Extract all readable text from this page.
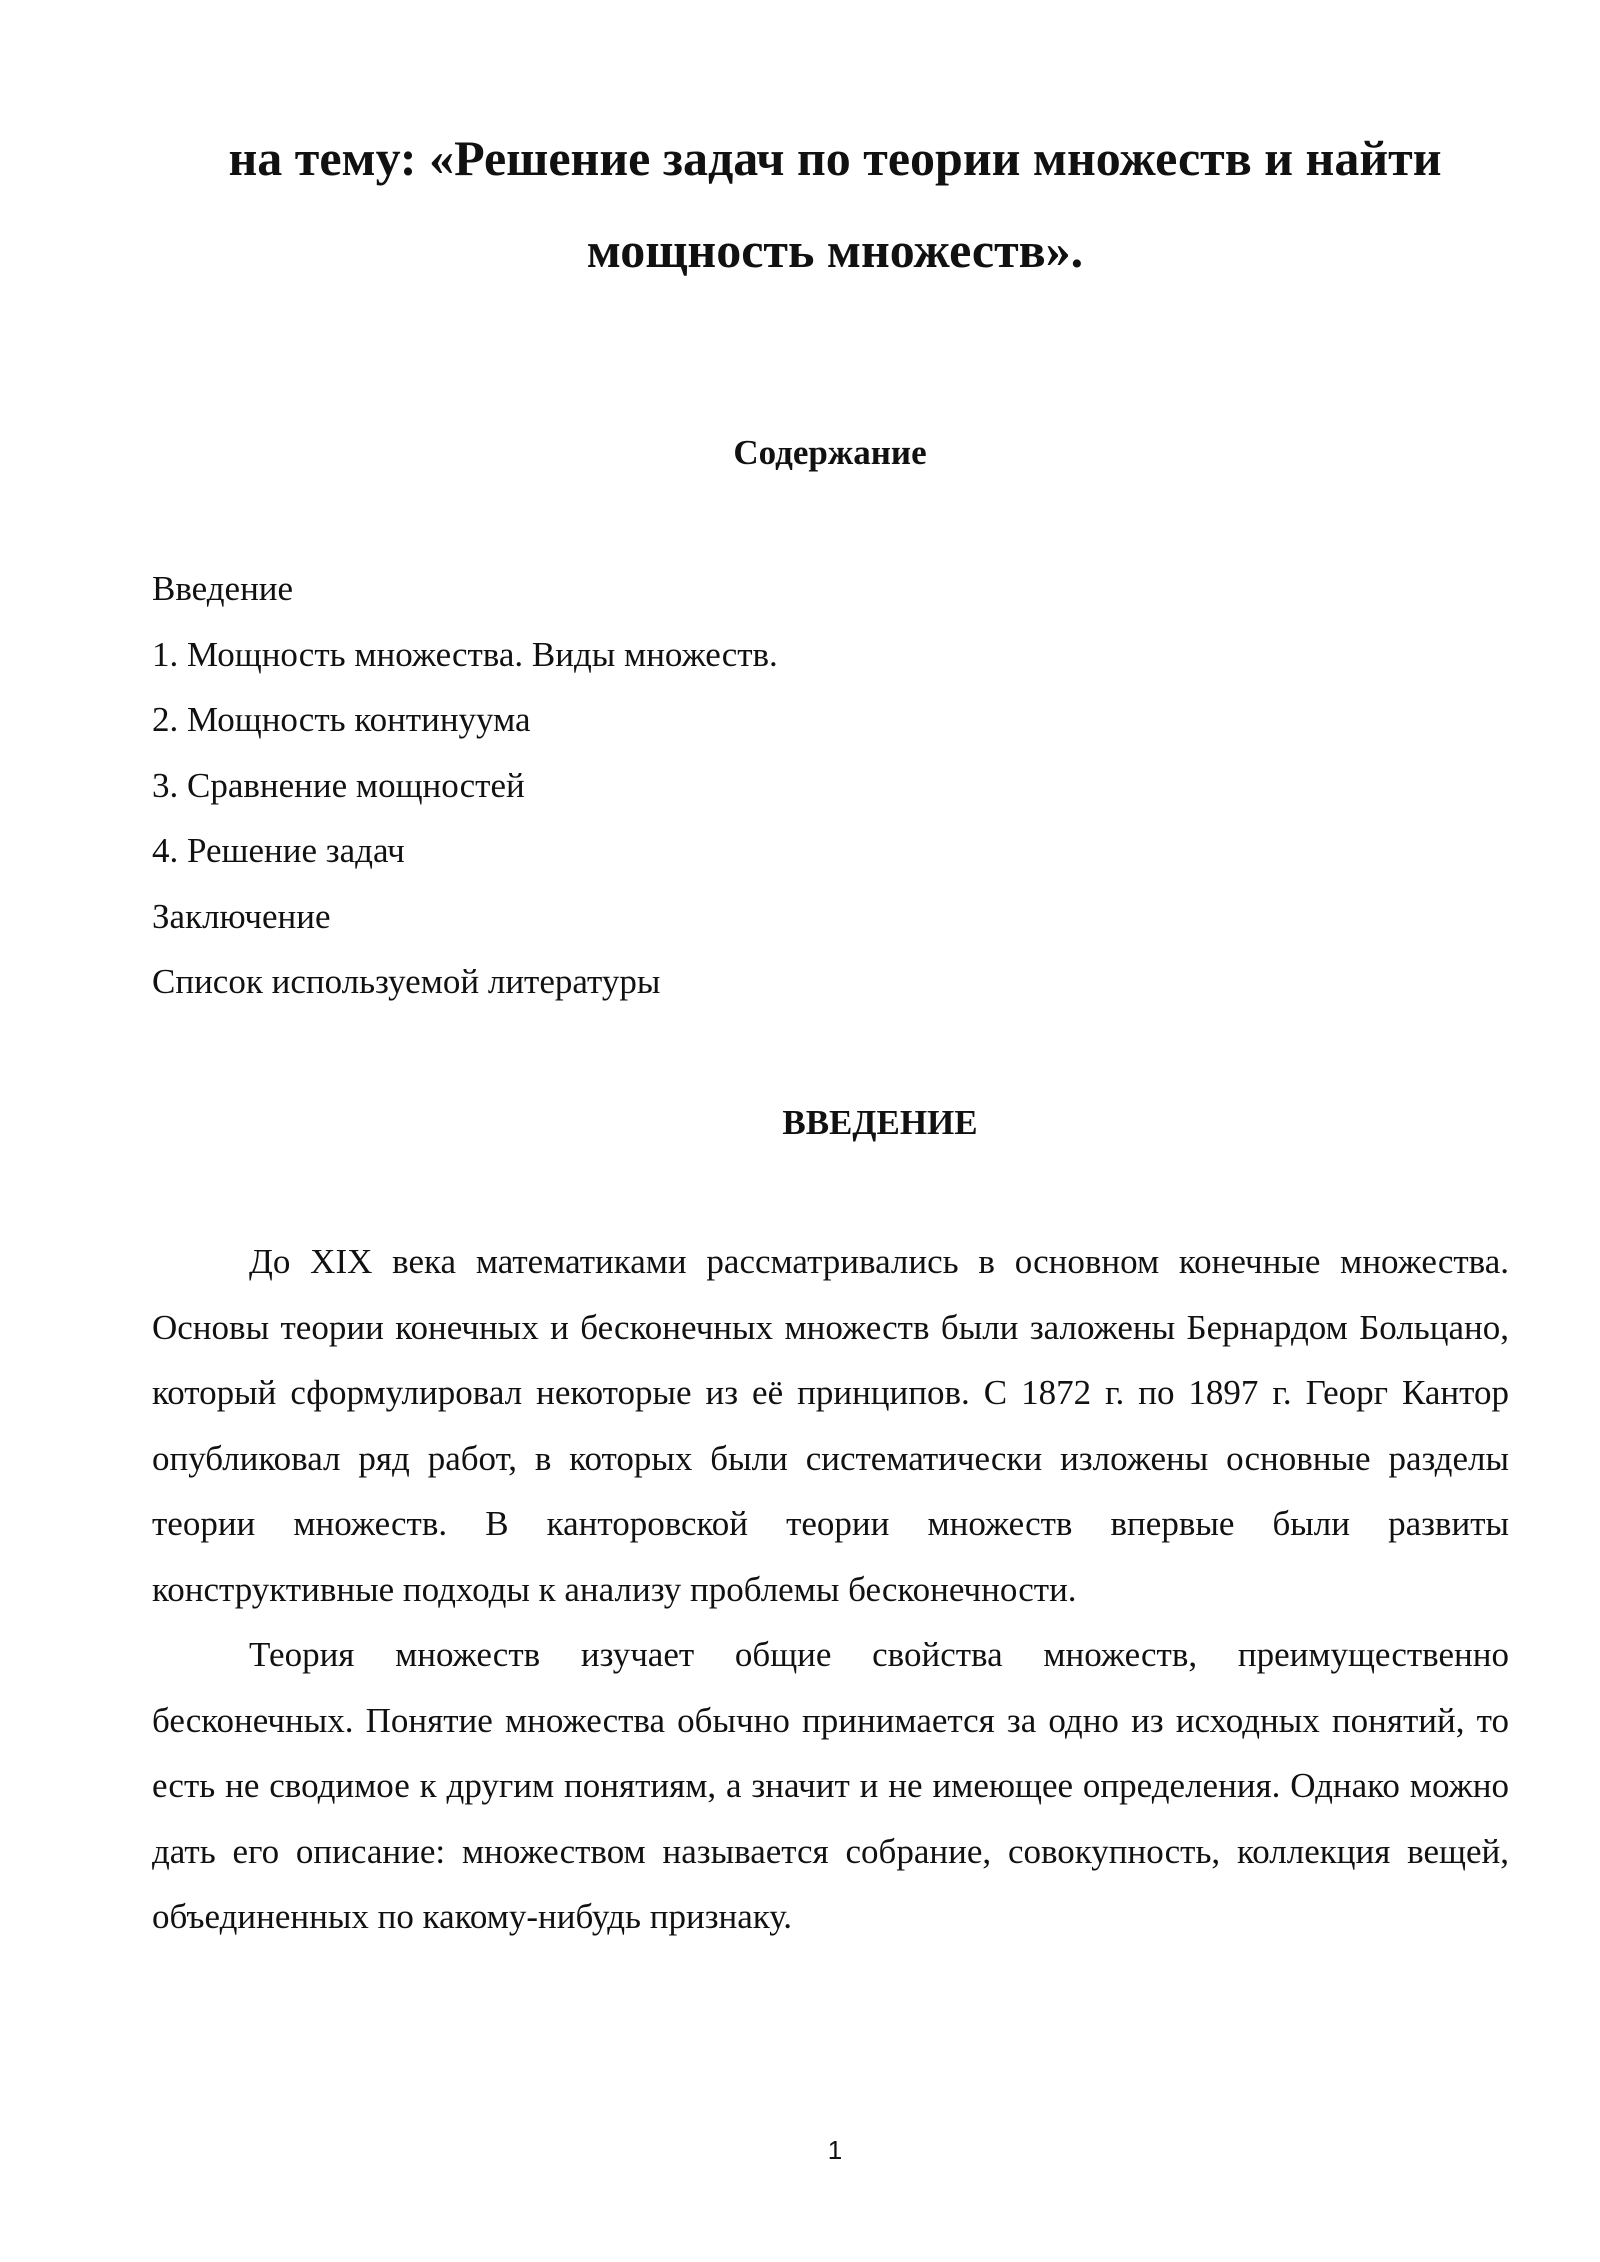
на тему: «Решение задач по теории множеств и найти мощность множеств».
Содержание
Введение
1. Мощность множества. Виды множеств.
2. Мощность континуума
3. Сравнение мощностей
4. Решение задач
Заключение
Список используемой литературы
ВВЕДЕНИЕ

До XIX века математиками рассматривались в основном конечные множества. Основы теории конечных и бесконечных множеств были заложены Бернардом Больцано, который сформулировал некоторые из её принципов. С 1872 г. по 1897 г. Георг Кантор опубликовал ряд работ, в которых были систематически изложены основные разделы теории множеств. В канторовской теории множеств впервые были развиты конструктивные подходы к анализу проблемы бесконечности.

Теория множеств изучает общие свойства множеств, преимущественно бесконечных. Понятие множества обычно принимается за одно из исходных понятий, то есть не сводимое к другим понятиям, а значит и не имеющее определения. Однако можно дать его описание: множеством называется собрание, совокупность, коллекция вещей, объединенных по какому-нибудь признаку.

1
